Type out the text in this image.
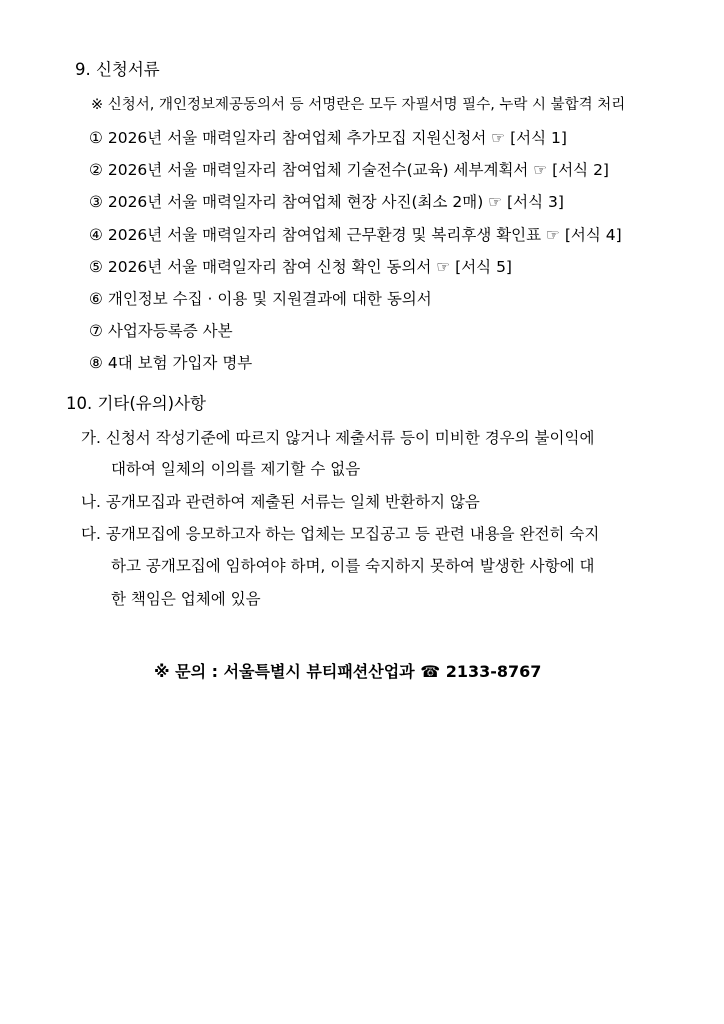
9. 신청서류
※ 신청서, 개인정보제공동의서 등 서명란은 모두 자필서명 필수, 누락 시 불합격 처리
① 2026년 서울 매력일자리 참여업체 추가모집 지원신청서 ☞ [서식 1]
② 2026년 서울 매력일자리 참여업체 기술전수(교육) 세부계획서 ☞ [서식 2]
③ 2026년 서울 매력일자리 참여업체 현장 사진(최소 2매) ☞ [서식 3]
④ 2026년 서울 매력일자리 참여업체 근무환경 및 복리후생 확인표 ☞ [서식 4]
⑤ 2026년 서울 매력일자리 참여 신청 확인 동의서 ☞ [서식 5]
⑥ 개인정보 수집 · 이용 및 지원결과에 대한 동의서
⑦ 사업자등록증 사본
⑧ 4대 보험 가입자 명부
10. 기타(유의)사항
가. 신청서 작성기준에 따르지 않거나 제출서류 등이 미비한 경우의 불이익에
대하여 일체의 이의를 제기할 수 없음
나. 공개모집과 관련하여 제출된 서류는 일체 반환하지 않음
다. 공개모집에 응모하고자 하는 업체는 모집공고 등 관련 내용을 완전히 숙지
하고 공개모집에 임하여야 하며, 이를 숙지하지 못하여 발생한 사항에 대
한 책임은 업체에 있음
※ 문의 : 서울특별시 뷰티패션산업과 ☎ 2133-8767
